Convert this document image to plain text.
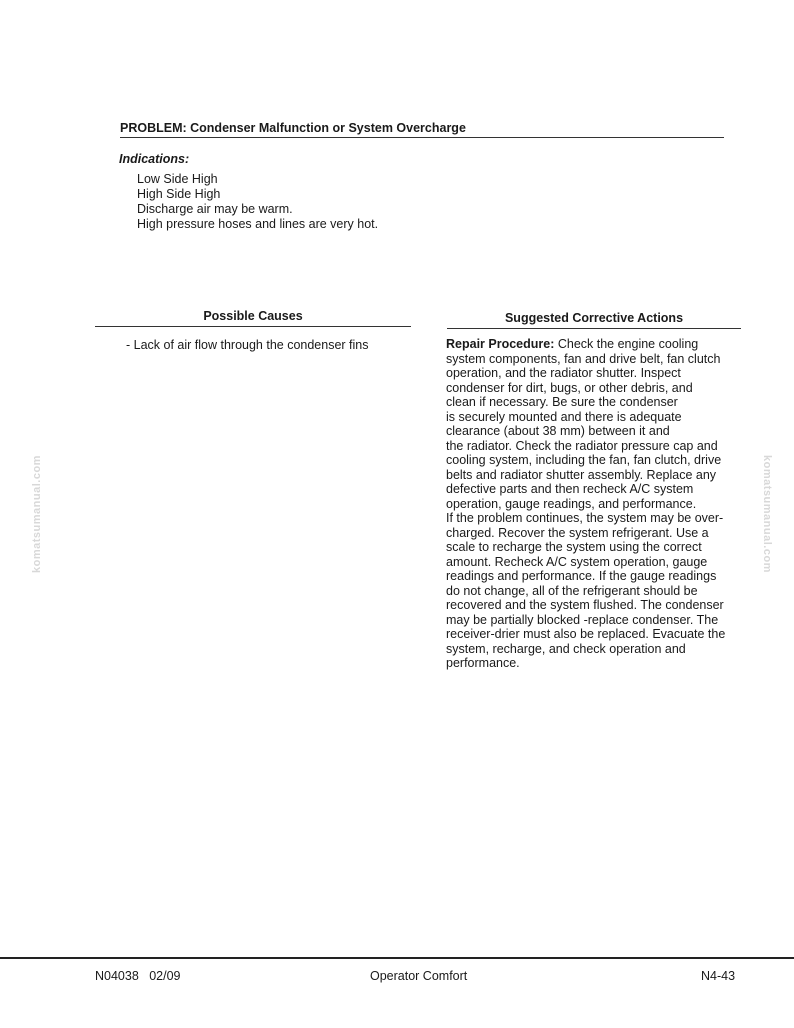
PROBLEM: Condenser Malfunction or System Overcharge
Indications:
Low Side High
High Side High
Discharge air may be warm.
High pressure hoses and lines are very hot.
Possible Causes	Suggested Corrective Actions
- Lack of air flow through the condenser fins	Repair Procedure: Check the engine cooling
system components, fan and drive belt, fan clutch
operation, and the radiator shutter. Inspect
condenser for dirt, bugs, or other debris, and
clean if necessary. Be sure the condenser
is securely mounted and there is adequate
clearance (about 38 mm) between it and
the radiator. Check the radiator pressure cap and
cooling system, including the fan, fan clutch, drive
belts and radiator shutter assembly. Replace any
defective parts and then recheck A/C system
operation, gauge readings, and performance.
If the problem continues, the system may be over-
charged. Recover the system refrigerant. Use a
scale to recharge the system using the correct
amount. Recheck A/C system operation, gauge
readings and performance. If the gauge readings
do not change, all of the refrigerant should be
recovered and the system flushed. The condenser
may be partially blocked -replace condenser. The
receiver-drier must also be replaced. Evacuate the
system, recharge, and check operation and
performance.
komatsumanual.com	komatsumanual.com
N04038   02/09	Operator Comfort	N4-43
